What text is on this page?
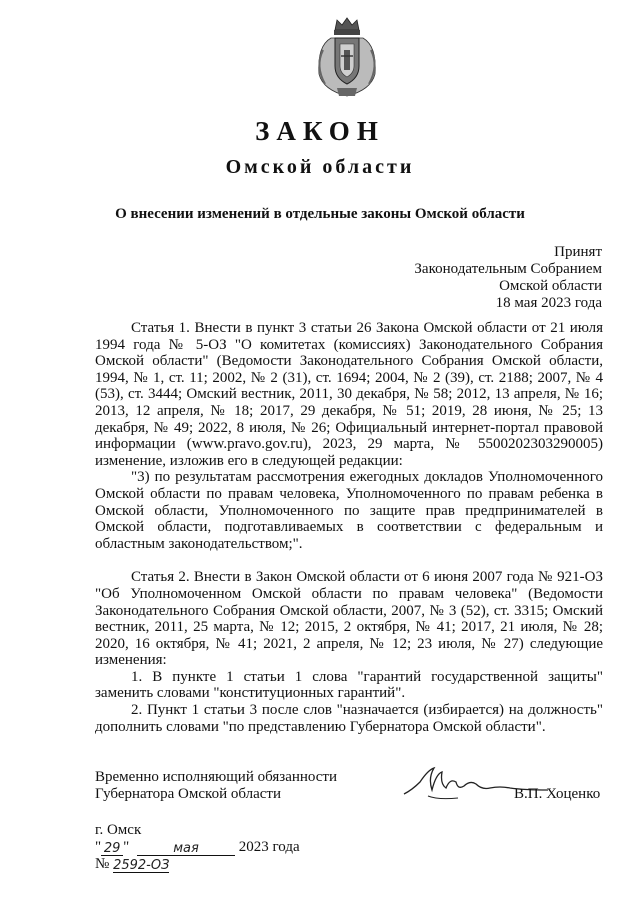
ЗАКОН
Омской области
О внесении изменений в отдельные законы Омской области
Принят
Законодательным Собранием
Омской области
18 мая 2023 года

Статья 1. Внести в пункт 3 статьи 26 Закона Омской области от 21 июля 1994 года № 5-ОЗ "О комитетах (комиссиях) Законодательного Собрания Омской области" (Ведомости Законодательного Собрания Омской области, 1994, № 1, ст. 11; 2002, № 2 (31), ст. 1694; 2004, № 2 (39), ст. 2188; 2007, № 4 (53), ст. 3444; Омский вестник, 2011, 30 декабря, № 58; 2012, 13 апреля, № 16; 2013, 12 апреля, № 18; 2017, 29 декабря, № 51; 2019, 28 июня, № 25; 13 декабря, № 49; 2022, 8 июля, № 26; Официальный интернет-портал правовой информации (www.pravo.gov.ru), 2023, 29 марта, № 5500202303290005) изменение, изложив его в следующей редакции:

"3) по результатам рассмотрения ежегодных докладов Уполномоченного Омской области по правам человека, Уполномоченного по правам ребенка в Омской области, Уполномоченного по защите прав предпринимателей в Омской области, подготавливаемых в соответствии с федеральным и областным законодательством;".

Статья 2. Внести в Закон Омской области от 6 июня 2007 года № 921-ОЗ "Об Уполномоченном Омской области по правам человека" (Ведомости Законодательного Собрания Омской области, 2007, № 3 (52), ст. 3315; Омский вестник, 2011, 25 марта, № 12; 2015, 2 октября, № 41; 2017, 21 июля, № 28; 2020, 16 октября, № 41; 2021, 2 апреля, № 12; 23 июля, № 27) следующие изменения:

1. В пункте 1 статьи 1 слова "гарантий государственной защиты" заменить словами "конституционных гарантий".

2. Пункт 1 статьи 3 после слов "назначается (избирается) на должность" дополнить словами "по представлению Губернатора Омской области".

Временно исполняющий обязанности
Губернатора Омской области	В.П. Хоценко
г. Омск
" 29 "	мая	2023 года
№ 2592-ОЗ
